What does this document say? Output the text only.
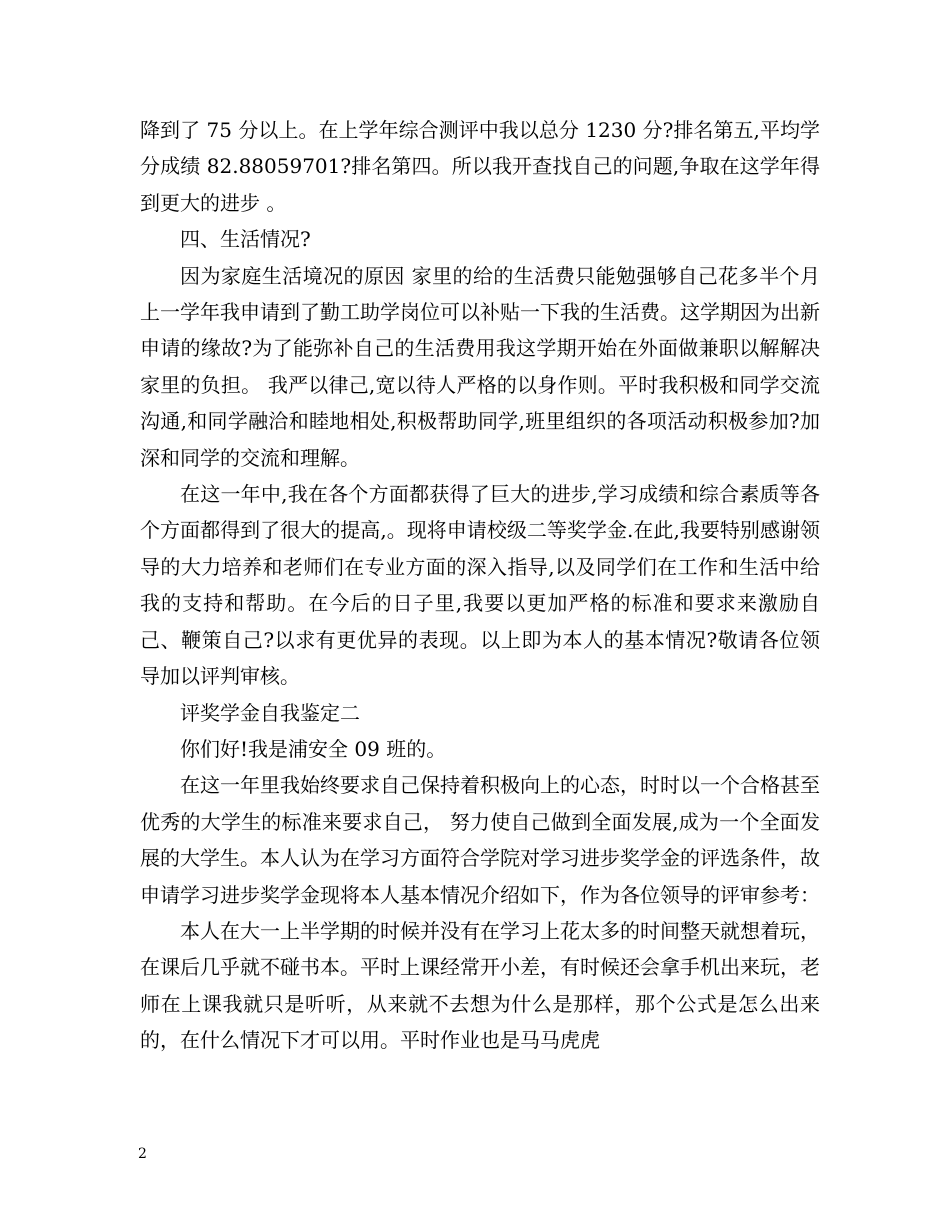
降到了 75 分以上。在上学年综合测评中我以总分 1230 分?排名第五,平均学分成绩 82.88059701?排名第四。所以我开查找自己的问题,争取在这学年得到更大的进步 。

四、生活情况?

因为家庭生活境况的原因 家里的给的生活费只能勉强够自己花多半个月上一学年我申请到了勤工助学岗位可以补贴一下我的生活费。这学期因为出新申请的缘故?为了能弥补自己的生活费用我这学期开始在外面做兼职以解解决家里的负担。 我严以律己,宽以待人严格的以身作则。平时我积极和同学交流沟通,和同学融洽和睦地相处,积极帮助同学,班里组织的各项活动积极参加?加深和同学的交流和理解。

在这一年中,我在各个方面都获得了巨大的进步,学习成绩和综合素质等各个方面都得到了很大的提高,。现将申请校级二等奖学金.在此,我要特别感谢领导的大力培养和老师们在专业方面的深入指导,以及同学们在工作和生活中给我的支持和帮助。在今后的日子里,我要以更加严格的标准和要求来激励自己、鞭策自己?以求有更优异的表现。以上即为本人的基本情况?敬请各位领导加以评判审核。

评奖学金自我鉴定二

你们好!我是浦安全 09 班的。

在这一年里我始终要求自己保持着积极向上的心态，时时以一个合格甚至优秀的大学生的标准来要求自己， 努力使自己做到全面发展,成为一个全面发展的大学生。本人认为在学习方面符合学院对学习进步奖学金的评选条件，故申请学习进步奖学金现将本人基本情况介绍如下，作为各位领导的评审参考：

本人在大一上半学期的时候并没有在学习上花太多的时间整天就想着玩，在课后几乎就不碰书本。平时上课经常开小差，有时候还会拿手机出来玩，老师在上课我就只是听听，从来就不去想为什么是那样，那个公式是怎么出来的，在什么情况下才可以用。平时作业也是马马虎虎

2
